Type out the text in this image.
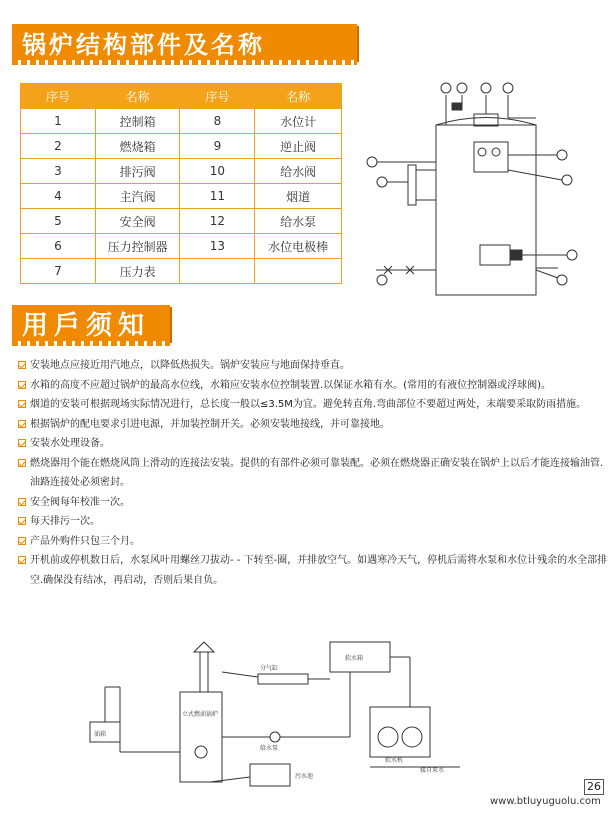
锅炉结构部件及名称
序号	名称	序号	名称
1	控制箱	8	水位计
2	燃烧箱	9	逆止阀
3	排污阀	10	给水阀
4	主汽阀	11	烟道
5	安全阀	12	给水泵
6	压力控制器	13	水位电极棒
7	压力表		
用戶须知
安装地点应接近用汽地点，以降低热损失。锅炉安装应与地面保持垂直。
水箱的高度不应超过锅炉的最高水位线，水箱应安装水位控制装置.以保证水箱有水。(常用的有液位控制器或浮球阀)。
烟道的安装可根据现场实际情况进行，总长度一般以≤3.5M为宜。避免转直角.弯曲部位不要超过两处，末端要采取防雨措施。
根据锅炉的配电要求引进电源，并加装控制开关。必须安装地接线，并可靠接地。
安装水处理设备。
燃烧器用个能在燃烧风筒上滑动的连接法安装。提供的有部件必须可靠装配。必须在燃烧器正确安装在锅炉上以后才能连接输油管.油路连接处必须密封。
安全阀每年校准一次。
每天排污一次。
产品外购件只包三个月。
开机前或停机数日后，水泵风叶用螺丝刀拔动- - 下转至-圈，并排放空气。如遇寒冷天气，停机后需将水泵和水位计残余的水全部排空.确保没有结冰，再启动，否则后果自负。
分气缸
软水箱
油箱
立式燃油锅炉
给水泵
软水机
接自来水
污水池
26
www.btluyuguolu.com
